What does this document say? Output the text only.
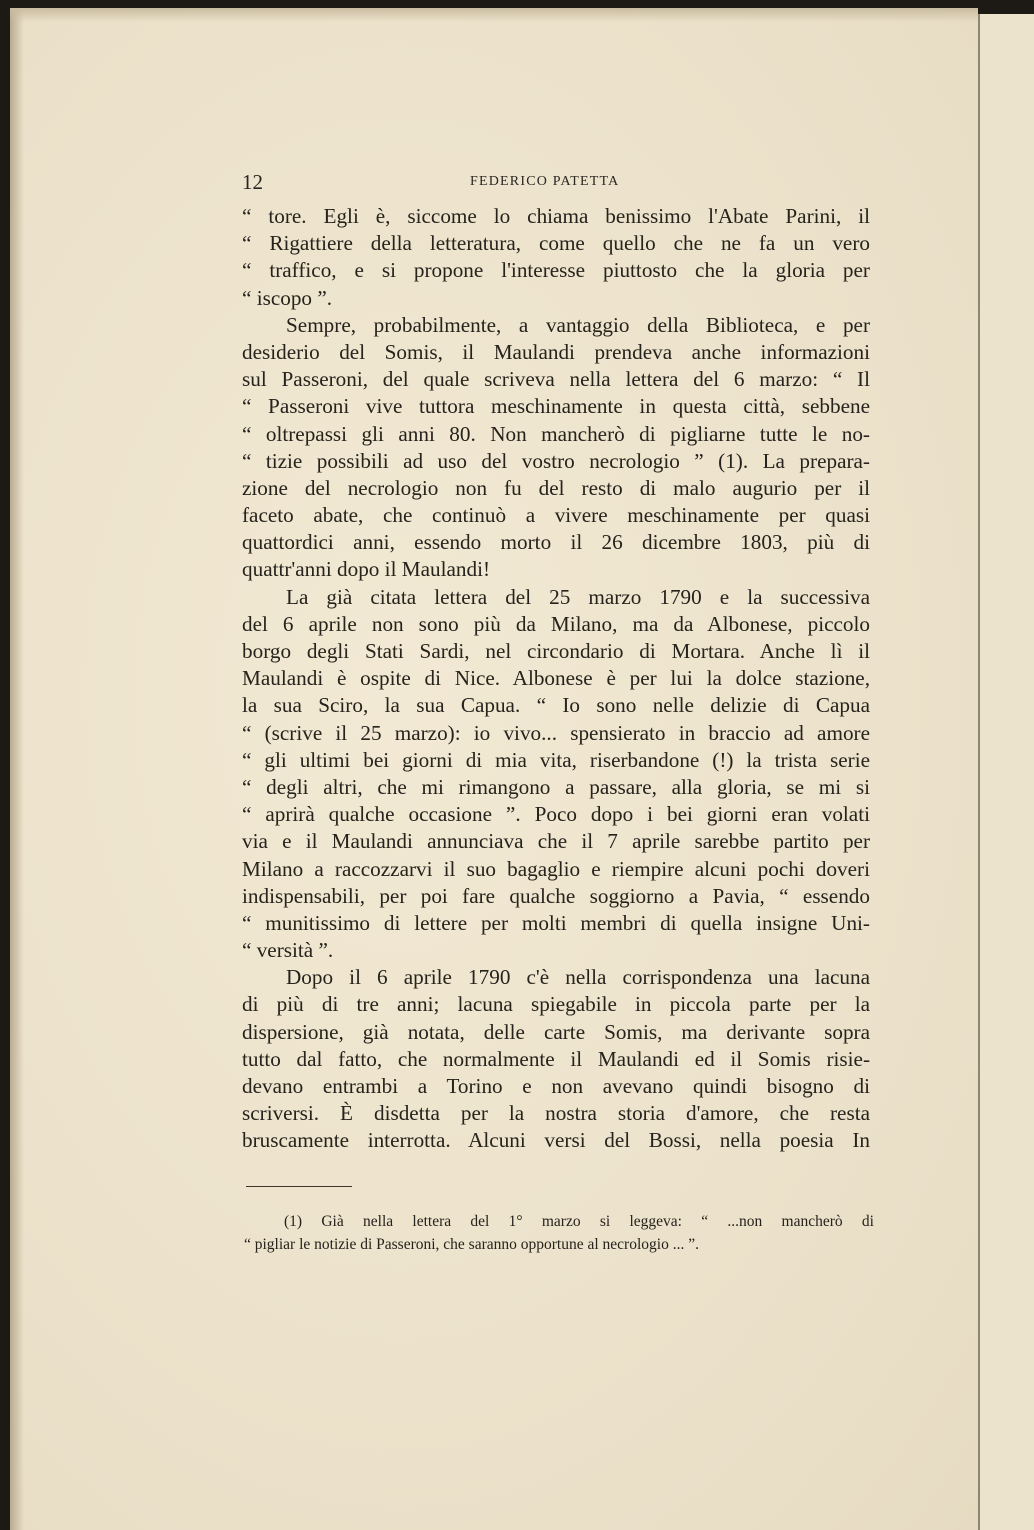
12	FEDERICO PATETTA
“ tore. Egli è, siccome lo chiama benissimo l'Abate Parini, il
“ Rigattiere della letteratura, come quello che ne fa un vero
“ traffico, e si propone l'interesse piuttosto che la gloria per
“ iscopo ”.
Sempre, probabilmente, a vantaggio della Biblioteca, e per
desiderio del Somis, il Maulandi prendeva anche informazioni
sul Passeroni, del quale scriveva nella lettera del 6 marzo: “ Il
“ Passeroni vive tuttora meschinamente in questa città, sebbene
“ oltrepassi gli anni 80. Non mancherò di pigliarne tutte le no-
“ tizie possibili ad uso del vostro necrologio ” (1). La prepara-
zione del necrologio non fu del resto di malo augurio per il
faceto abate, che continuò a vivere meschinamente per quasi
quattordici anni, essendo morto il 26 dicembre 1803, più di
quattr'anni dopo il Maulandi!
La già citata lettera del 25 marzo 1790 e la successiva
del 6 aprile non sono più da Milano, ma da Albonese, piccolo
borgo degli Stati Sardi, nel circondario di Mortara. Anche lì il
Maulandi è ospite di Nice. Albonese è per lui la dolce stazione,
la sua Sciro, la sua Capua. “ Io sono nelle delizie di Capua
“ (scrive il 25 marzo): io vivo... spensierato in braccio ad amore
“ gli ultimi bei giorni di mia vita, riserbandone (!) la trista serie
“ degli altri, che mi rimangono a passare, alla gloria, se mi si
“ aprirà qualche occasione ”. Poco dopo i bei giorni eran volati
via e il Maulandi annunciava che il 7 aprile sarebbe partito per
Milano a raccozzarvi il suo bagaglio e riempire alcuni pochi doveri
indispensabili, per poi fare qualche soggiorno a Pavia, “ essendo
“ munitissimo di lettere per molti membri di quella insigne Uni-
“ versità ”.
Dopo il 6 aprile 1790 c'è nella corrispondenza una lacuna
di più di tre anni; lacuna spiegabile in piccola parte per la
dispersione, già notata, delle carte Somis, ma derivante sopra
tutto dal fatto, che normalmente il Maulandi ed il Somis risie-
devano entrambi a Torino e non avevano quindi bisogno di
scriversi. È disdetta per la nostra storia d'amore, che resta
bruscamente interrotta. Alcuni versi del Bossi, nella poesia In
(1) Già nella lettera del 1° marzo si leggeva: “ ...non mancherò di
“ pigliar le notizie di Passeroni, che saranno opportune al necrologio ... ”.
